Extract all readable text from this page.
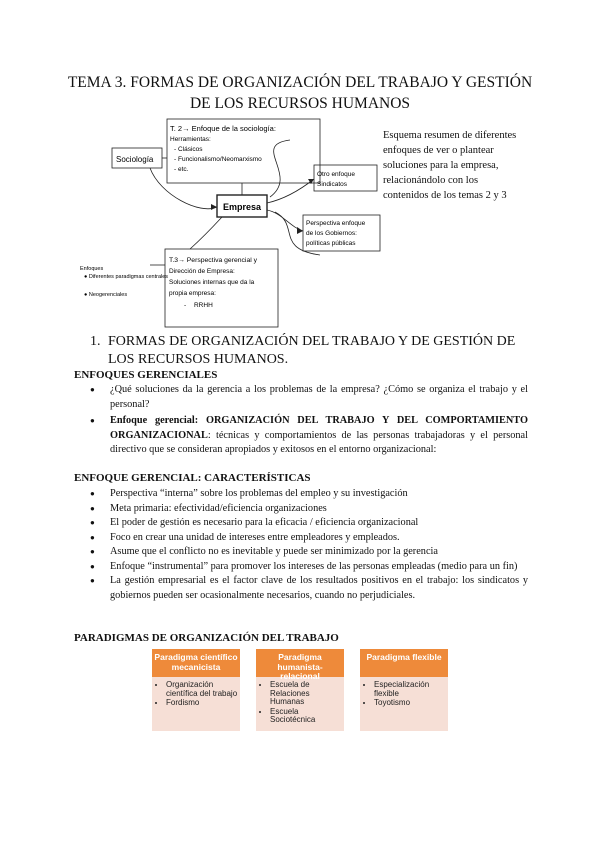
TEMA 3. FORMAS DE ORGANIZACIÓN DEL TRABAJO Y GESTIÓN
DE LOS RECURSOS HUMANOS
Sociología
T. 2→ Enfoque de la sociología:
Herramientas:
- Clásicos
- Funcionalismo/Neomarxismo
- etc.
Empresa
Otro enfoque
Sindicatos
Perspectiva enfoque
de los Gobiernos:
políticas públicas
T.3→ Perspectiva gerencial y
Dirección de Empresa:
Soluciones internas que da la
propia empresa:
- RRHH
Enfoques
● Diferentes paradigmas centrales
● Neogerenciales
Esquema resumen de diferentes
enfoques de ver o plantear
soluciones para la empresa,
relacionándolo con los
contenidos de los temas 2 y 3
1. FORMAS DE ORGANIZACIÓN DEL TRABAJO Y DE GESTIÓN DE LOS RECURSOS HUMANOS.
ENFOQUES GERENCIALES
● ¿Qué soluciones da la gerencia a los problemas de la empresa? ¿Cómo se organiza el trabajo y el personal?
● Enfoque gerencial: ORGANIZACIÓN DEL TRABAJO Y DEL COMPORTAMIENTO ORGANIZACIONAL: técnicas y comportamientos de las personas trabajadoras y el personal directivo que se consideran apropiados y exitosos en el entorno organizacional:
ENFOQUE GERENCIAL: CARACTERÍSTICAS
● Perspectiva “interna” sobre los problemas del empleo y su investigación
● Meta primaria: efectividad/eficiencia organizaciones
● El poder de gestión es necesario para la eficacia / eficiencia organizacional
● Foco en crear una unidad de intereses entre empleadores y empleados.
● Asume que el conflicto no es inevitable y puede ser minimizado por la gerencia
● Enfoque “instrumental” para promover los intereses de las personas empleadas (medio para un fin)
● La gestión empresarial es el factor clave de los resultados positivos en el trabajo: los sindicatos y gobiernos pueden ser ocasionalmente necesarios, cuando no perjudiciales.
PARADIGMAS DE ORGANIZACIÓN DEL TRABAJO
Paradigma científico mecanicista
• Organización científica del trabajo
• Fordismo
Paradigma humanista-relacional
• Escuela de Relaciones Humanas
• Escuela Sociotécnica
Paradigma flexible
• Especialización flexible
• Toyotismo
